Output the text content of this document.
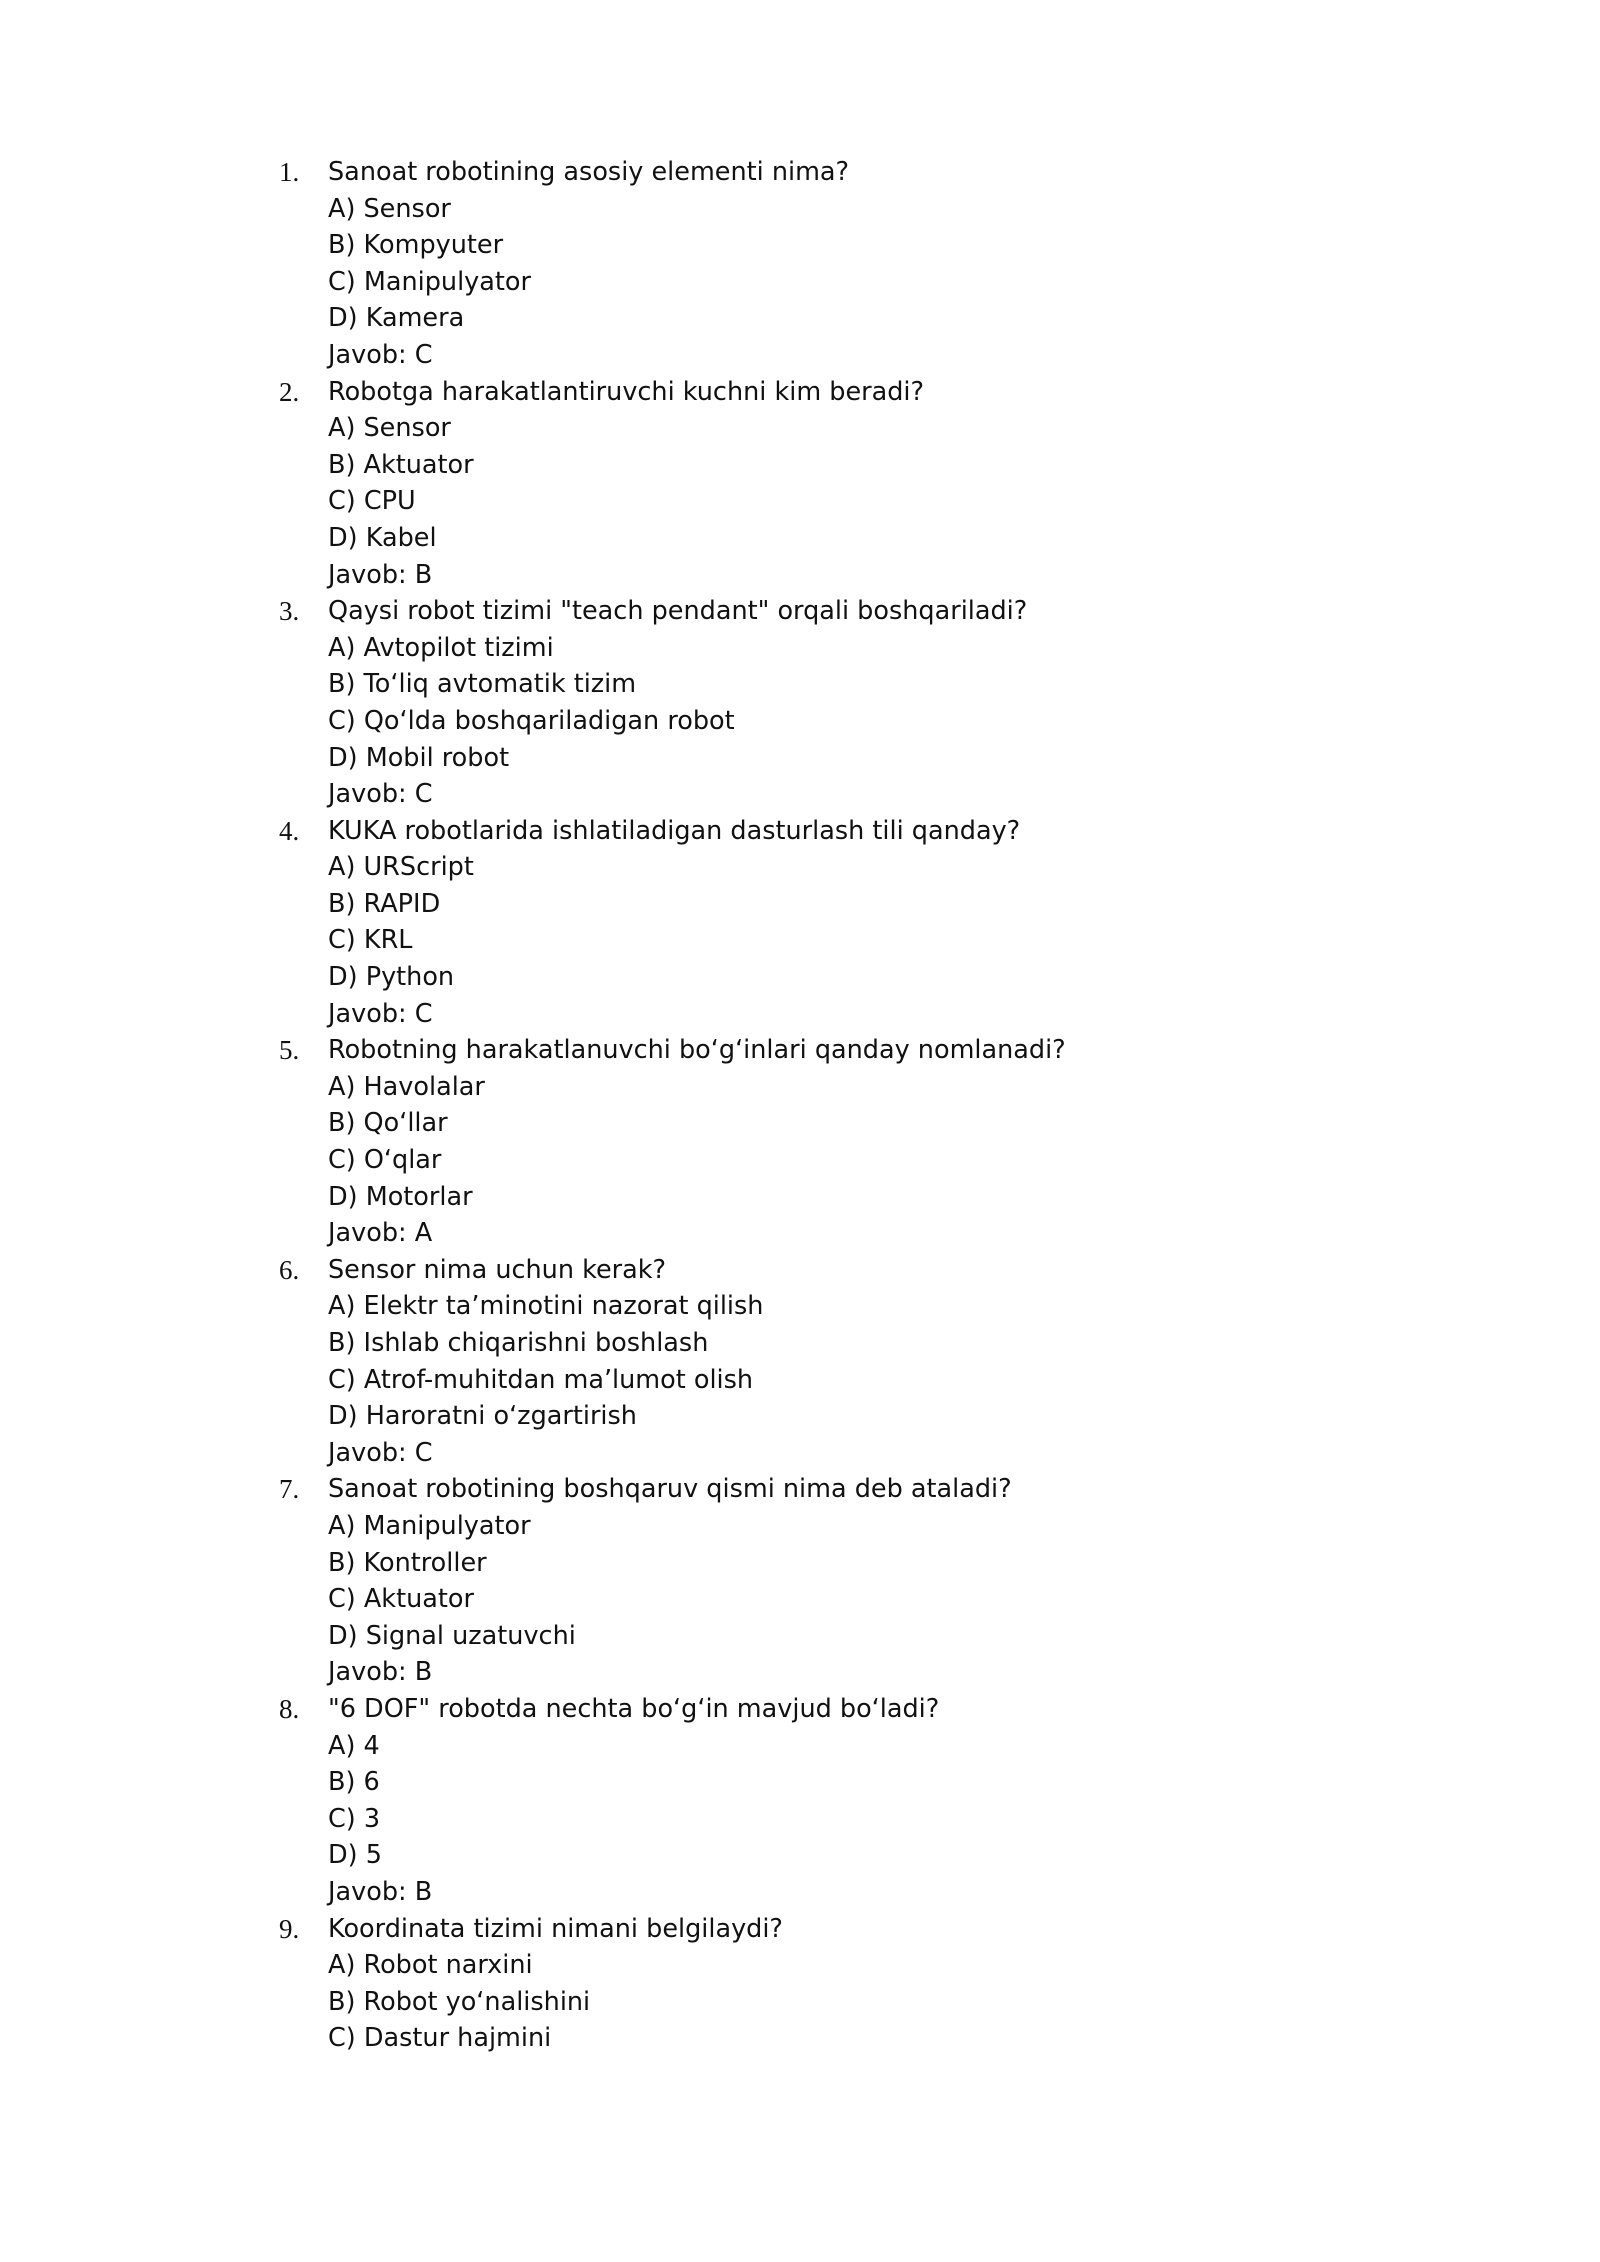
1. Sanoat robotining asosiy elementi nima?
A) Sensor
B) Kompyuter
C) Manipulyator
D) Kamera
Javob: C
2. Robotga harakatlantiruvchi kuchni kim beradi?
A) Sensor
B) Aktuator
C) CPU
D) Kabel
Javob: B
3. Qaysi robot tizimi "teach pendant" orqali boshqariladi?
A) Avtopilot tizimi
B) To‘liq avtomatik tizim
C) Qo‘lda boshqariladigan robot
D) Mobil robot
Javob: C
4. KUKA robotlarida ishlatiladigan dasturlash tili qanday?
A) URScript
B) RAPID
C) KRL
D) Python
Javob: C
5. Robotning harakatlanuvchi bo‘g‘inlari qanday nomlanadi?
A) Havolalar
B) Qo‘llar
C) O‘qlar
D) Motorlar
Javob: A
6. Sensor nima uchun kerak?
A) Elektr ta’minotini nazorat qilish
B) Ishlab chiqarishni boshlash
C) Atrof-muhitdan ma’lumot olish
D) Haroratni o‘zgartirish
Javob: C
7. Sanoat robotining boshqaruv qismi nima deb ataladi?
A) Manipulyator
B) Kontroller
C) Aktuator
D) Signal uzatuvchi
Javob: B
8. "6 DOF" robotda nechta bo‘g‘in mavjud bo‘ladi?
A) 4
B) 6
C) 3
D) 5
Javob: B
9. Koordinata tizimi nimani belgilaydi?
A) Robot narxini
B) Robot yo‘nalishini
C) Dastur hajmini
